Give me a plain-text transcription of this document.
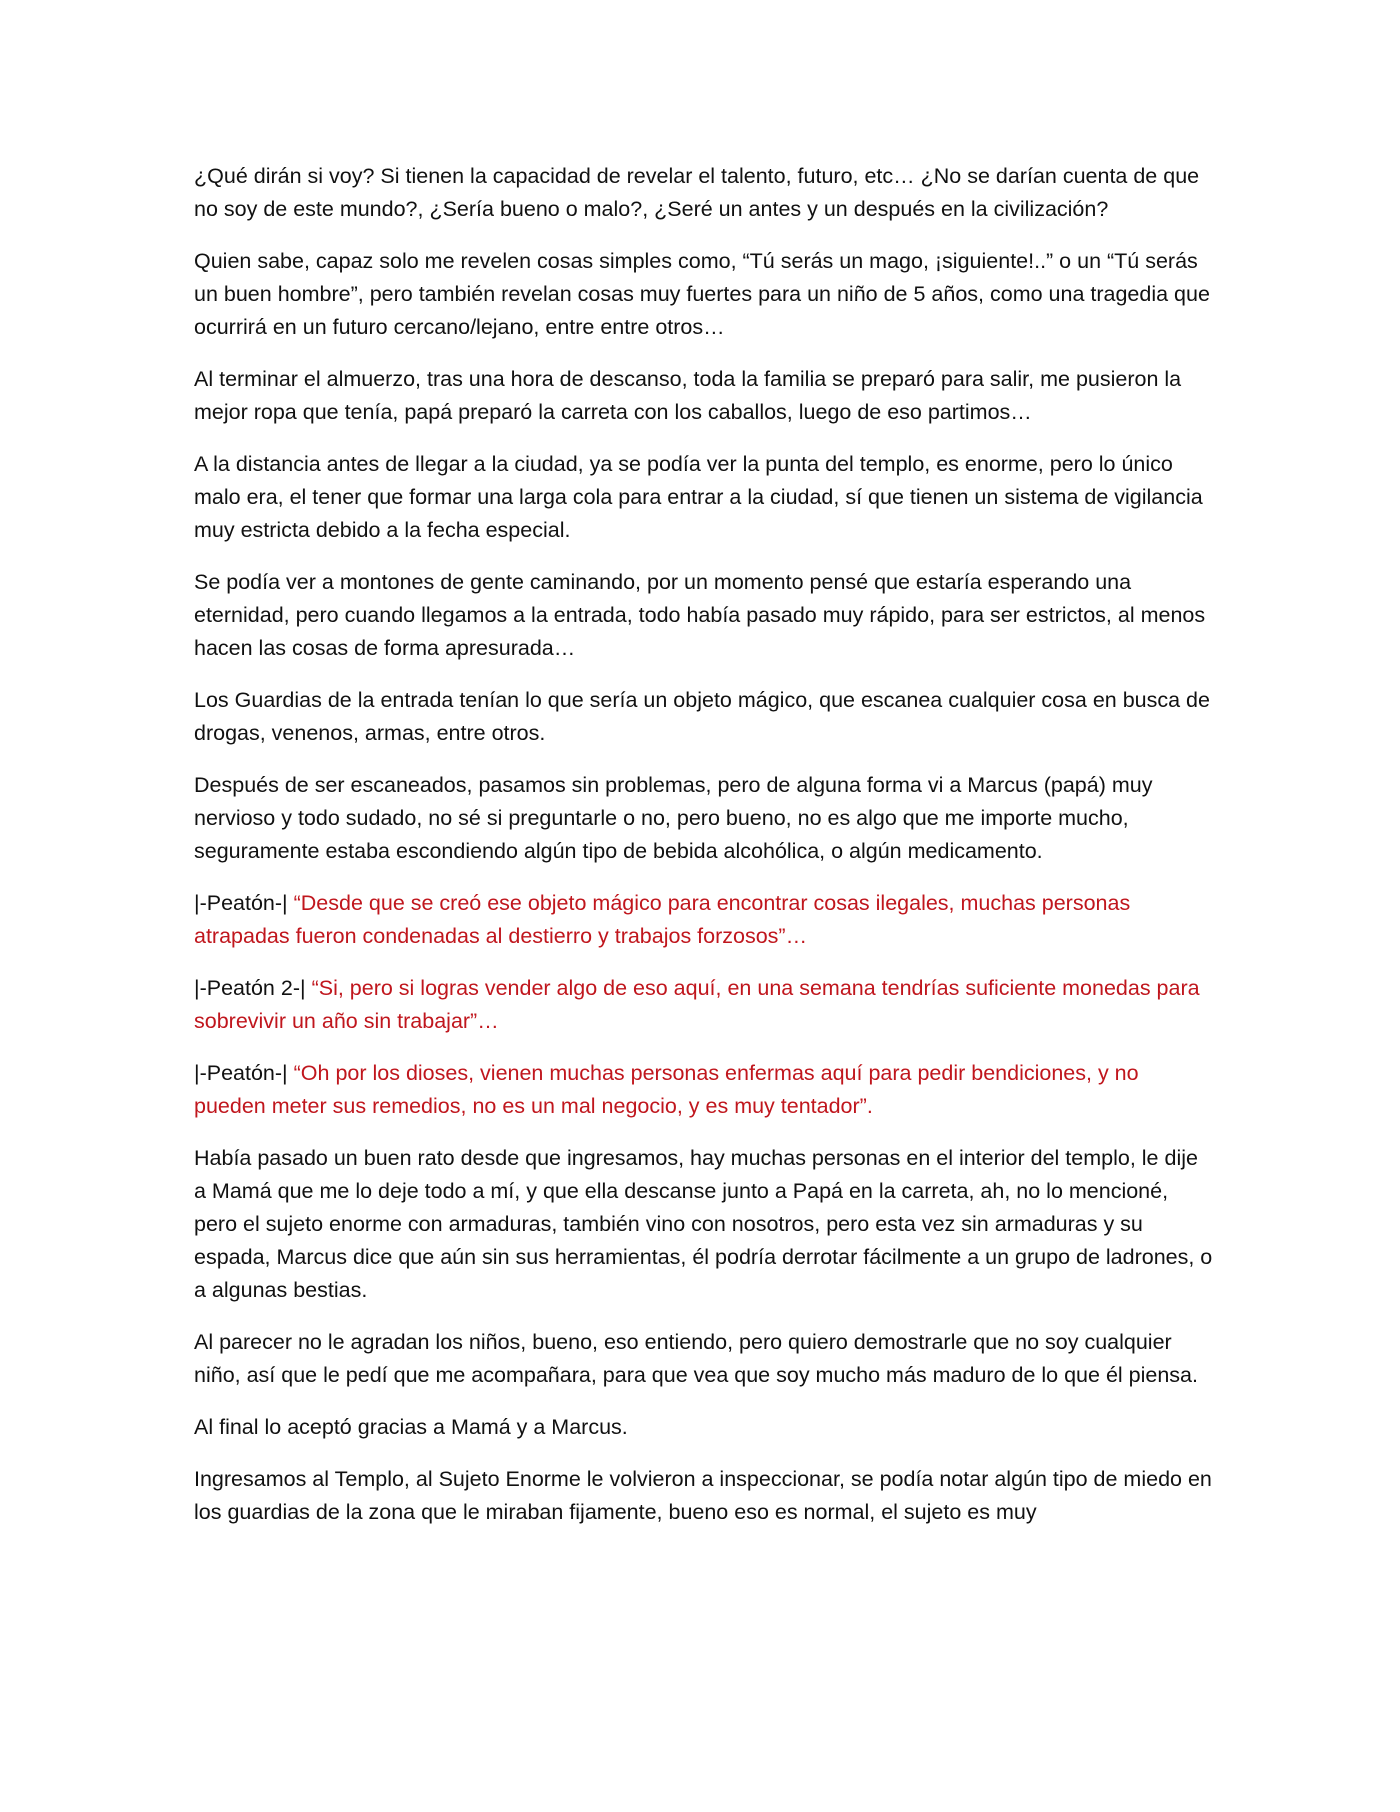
¿Qué dirán si voy? Si tienen la capacidad de revelar el talento, futuro, etc… ¿No se darían cuenta de que no soy de este mundo?, ¿Sería bueno o malo?, ¿Seré un antes y un después en la civilización?

Quien sabe, capaz solo me revelen cosas simples como, “Tú serás un mago, ¡siguiente!..” o un “Tú serás un buen hombre”, pero también revelan cosas muy fuertes para un niño de 5 años, como una tragedia que ocurrirá en un futuro cercano/lejano, entre entre otros…

Al terminar el almuerzo, tras una hora de descanso, toda la familia se preparó para salir, me pusieron la mejor ropa que tenía, papá preparó la carreta con los caballos, luego de eso partimos…

A la distancia antes de llegar a la ciudad, ya se podía ver la punta del templo, es enorme, pero lo único malo era, el tener que formar una larga cola para entrar a la ciudad, sí que tienen un sistema de vigilancia muy estricta debido a la fecha especial.

Se podía ver a montones de gente caminando, por un momento pensé que estaría esperando una eternidad, pero cuando llegamos a la entrada, todo había pasado muy rápido, para ser estrictos, al menos hacen las cosas de forma apresurada…

Los Guardias de la entrada tenían lo que sería un objeto mágico, que escanea cualquier cosa en busca de drogas, venenos, armas, entre otros.

Después de ser escaneados, pasamos sin problemas, pero de alguna forma vi a Marcus (papá) muy nervioso y todo sudado, no sé si preguntarle o no, pero bueno, no es algo que me importe mucho, seguramente estaba escondiendo algún tipo de bebida alcohólica, o algún medicamento.

|-Peatón-| “Desde que se creó ese objeto mágico para encontrar cosas ilegales, muchas personas atrapadas fueron condenadas al destierro y trabajos forzosos”…

|-Peatón 2-| “Si, pero si logras vender algo de eso aquí, en una semana tendrías suficiente monedas para sobrevivir un año sin trabajar”…

|-Peatón-| “Oh por los dioses, vienen muchas personas enfermas aquí para pedir bendiciones, y no pueden meter sus remedios, no es un mal negocio, y es muy tentador”.

Había pasado un buen rato desde que ingresamos, hay muchas personas en el interior del templo, le dije a Mamá que me lo deje todo a mí, y que ella descanse junto a Papá en la carreta, ah, no lo mencioné, pero el sujeto enorme con armaduras, también vino con nosotros, pero esta vez sin armaduras y su espada, Marcus dice que aún sin sus herramientas, él podría derrotar fácilmente a un grupo de ladrones, o a algunas bestias.

Al parecer no le agradan los niños, bueno, eso entiendo, pero quiero demostrarle que no soy cualquier niño, así que le pedí que me acompañara, para que vea que soy mucho más maduro de lo que él piensa.

Al final lo aceptó gracias a Mamá y a Marcus.

Ingresamos al Templo, al Sujeto Enorme le volvieron a inspeccionar, se podía notar algún tipo de miedo en los guardias de la zona que le miraban fijamente, bueno eso es normal, el sujeto es muy
